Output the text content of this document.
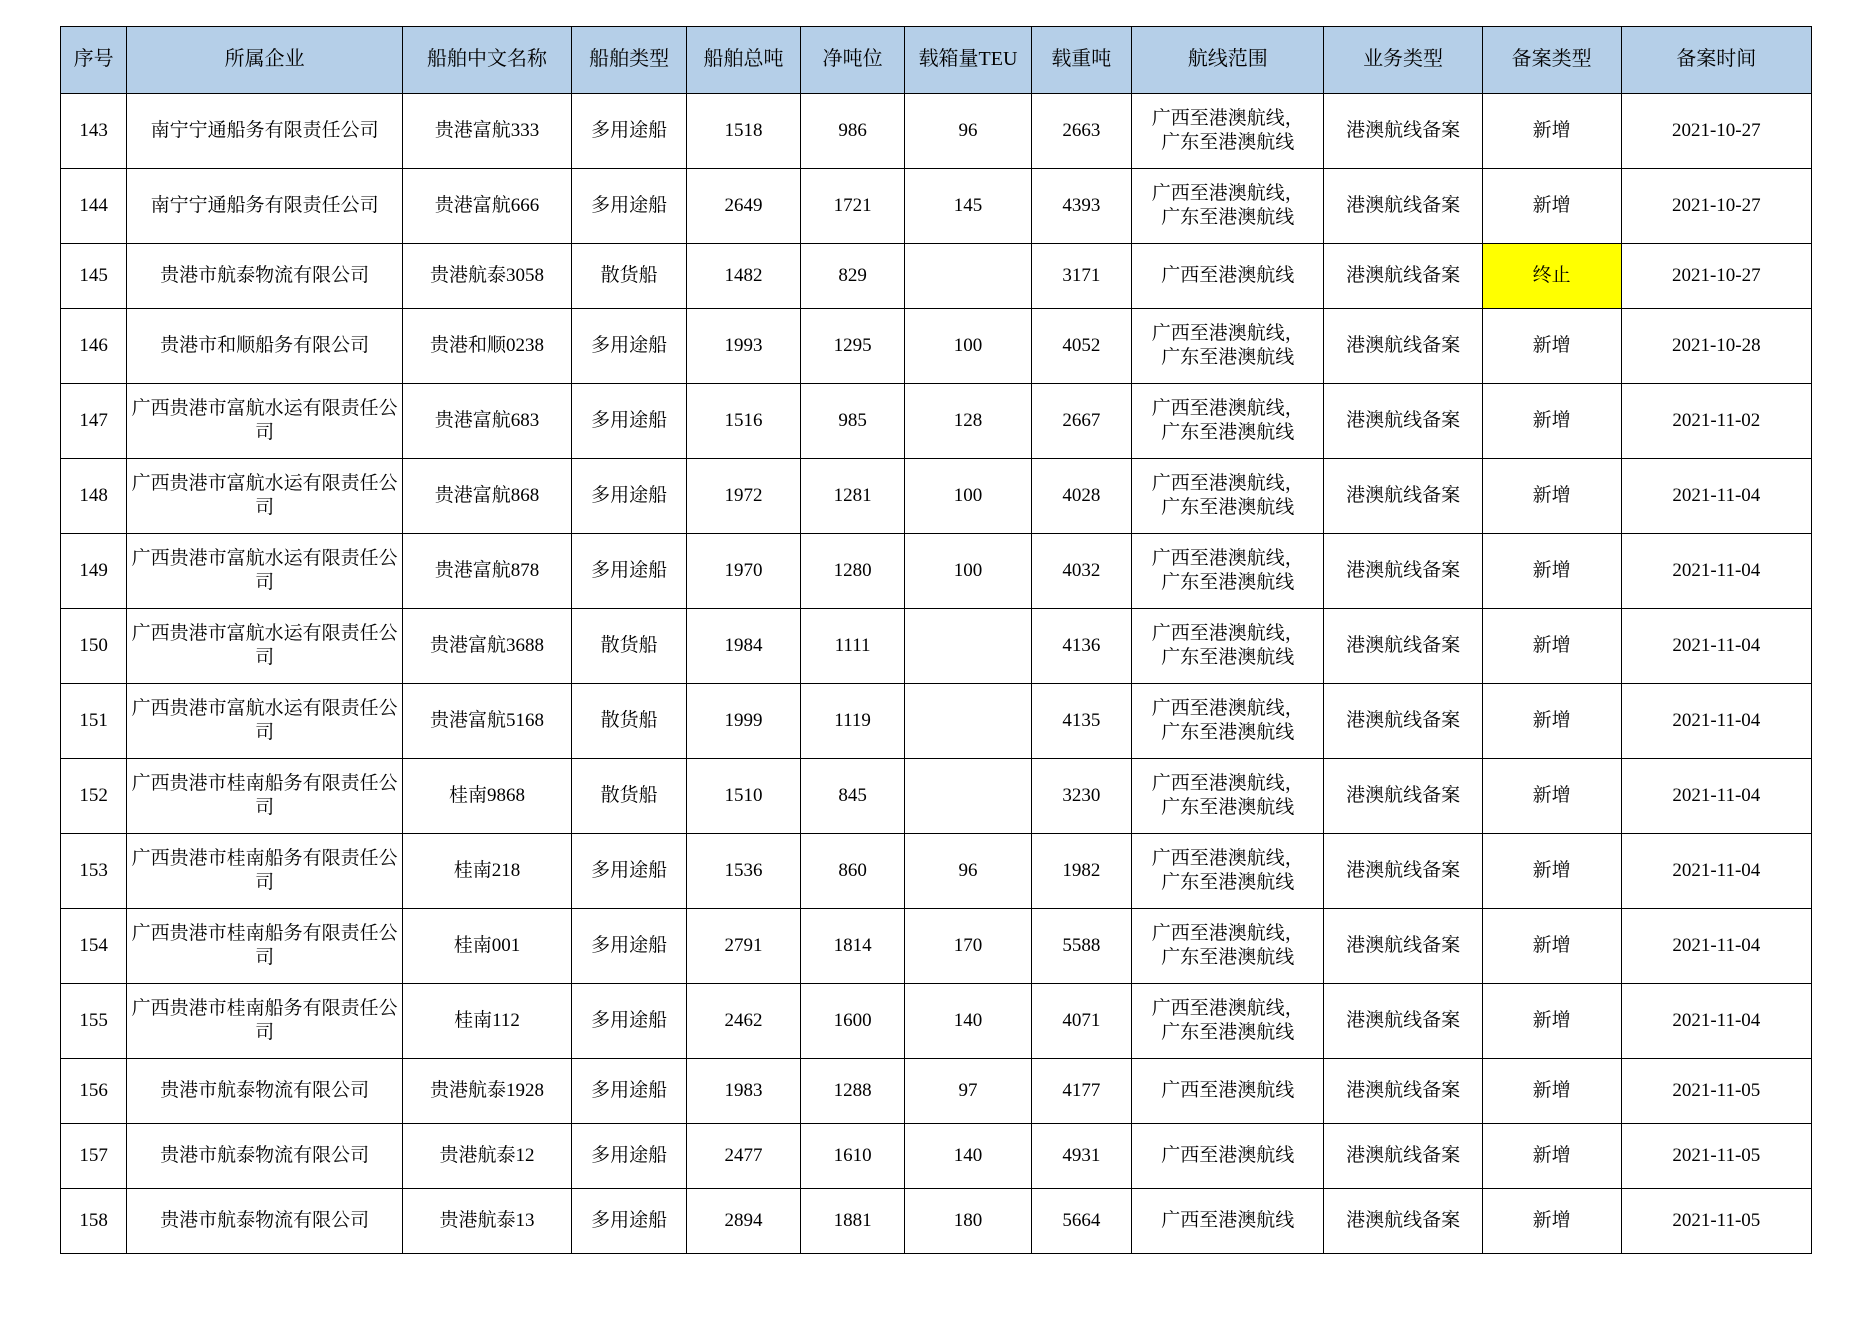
序号	所属企业	船舶中文名称	船舶类型	船舶总吨	净吨位	载箱量TEU	载重吨	航线范围	业务类型	备案类型	备案时间
143	南宁宁通船务有限责任公司	贵港富航333	多用途船	1518	986	96	2663	广西至港澳航线，
广东至港澳航线	港澳航线备案	新增	2021-10-27
144	南宁宁通船务有限责任公司	贵港富航666	多用途船	2649	1721	145	4393	广西至港澳航线，
广东至港澳航线	港澳航线备案	新增	2021-10-27
145	贵港市航泰物流有限公司	贵港航泰3058	散货船	1482	829		3171	广西至港澳航线	港澳航线备案	终止	2021-10-27
146	贵港市和顺船务有限公司	贵港和顺0238	多用途船	1993	1295	100	4052	广西至港澳航线，
广东至港澳航线	港澳航线备案	新增	2021-10-28
147	广西贵港市富航水运有限责任公司	贵港富航683	多用途船	1516	985	128	2667	广西至港澳航线，
广东至港澳航线	港澳航线备案	新增	2021-11-02
148	广西贵港市富航水运有限责任公司	贵港富航868	多用途船	1972	1281	100	4028	广西至港澳航线，
广东至港澳航线	港澳航线备案	新增	2021-11-04
149	广西贵港市富航水运有限责任公司	贵港富航878	多用途船	1970	1280	100	4032	广西至港澳航线，
广东至港澳航线	港澳航线备案	新增	2021-11-04
150	广西贵港市富航水运有限责任公司	贵港富航3688	散货船	1984	1111		4136	广西至港澳航线，
广东至港澳航线	港澳航线备案	新增	2021-11-04
151	广西贵港市富航水运有限责任公司	贵港富航5168	散货船	1999	1119		4135	广西至港澳航线，
广东至港澳航线	港澳航线备案	新增	2021-11-04
152	广西贵港市桂南船务有限责任公司	桂南9868	散货船	1510	845		3230	广西至港澳航线，
广东至港澳航线	港澳航线备案	新增	2021-11-04
153	广西贵港市桂南船务有限责任公司	桂南218	多用途船	1536	860	96	1982	广西至港澳航线，
广东至港澳航线	港澳航线备案	新增	2021-11-04
154	广西贵港市桂南船务有限责任公司	桂南001	多用途船	2791	1814	170	5588	广西至港澳航线，
广东至港澳航线	港澳航线备案	新增	2021-11-04
155	广西贵港市桂南船务有限责任公司	桂南112	多用途船	2462	1600	140	4071	广西至港澳航线，
广东至港澳航线	港澳航线备案	新增	2021-11-04
156	贵港市航泰物流有限公司	贵港航泰1928	多用途船	1983	1288	97	4177	广西至港澳航线	港澳航线备案	新增	2021-11-05
157	贵港市航泰物流有限公司	贵港航泰12	多用途船	2477	1610	140	4931	广西至港澳航线	港澳航线备案	新增	2021-11-05
158	贵港市航泰物流有限公司	贵港航泰13	多用途船	2894	1881	180	5664	广西至港澳航线	港澳航线备案	新增	2021-11-05
